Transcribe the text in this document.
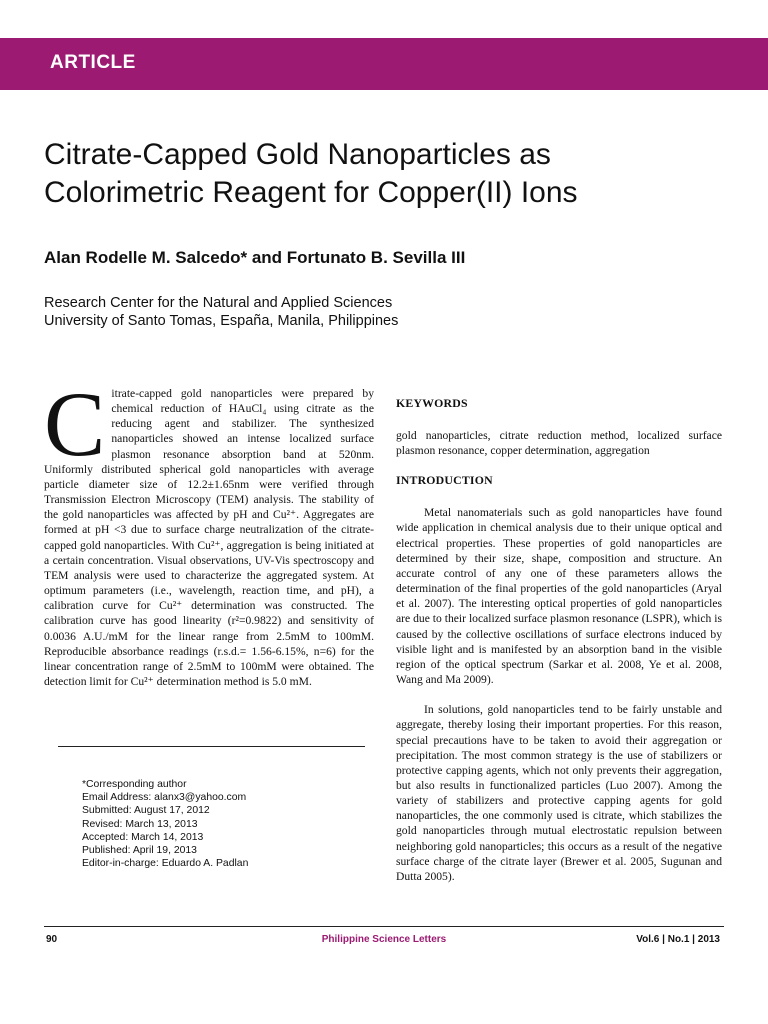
ARTICLE
Citrate-Capped Gold Nanoparticles as
Colorimetric Reagent for Copper(II) Ions
Alan Rodelle M. Salcedo* and Fortunato B. Sevilla III
Research Center for the Natural and Applied Sciences
University of Santo Tomas, España, Manila, Philippines
Citrate-capped gold nanoparticles were prepared by chemical reduction of HAuCl₄ using citrate as the reducing agent and stabilizer. The synthesized nanoparticles showed an intense localized surface plasmon resonance absorption band at 520nm. Uniformly distributed spherical gold nanoparticles with average particle diameter size of 12.2±1.65nm were verified through Transmission Electron Microscopy (TEM) analysis. The stability of the gold nanoparticles was affected by pH and Cu²⁺. Aggregates are formed at pH <3 due to surface charge neutralization of the citrate-capped gold nanoparticles. With Cu²⁺, aggregation is being initiated at a certain concentration. Visual observations, UV-Vis spectroscopy and TEM analysis were used to characterize the aggregated system. At optimum parameters (i.e., wavelength, reaction time, and pH), a calibration curve for Cu²⁺ determination was constructed. The calibration curve has good linearity (r²=0.9822) and sensitivity of 0.0036 A.U./mM for the linear range from 2.5mM to 100mM. Reproducible absorbance readings (r.s.d.= 1.56-6.15%, n=6) for the linear concentration range of 2.5mM to 100mM were obtained. The detection limit for Cu²⁺ determination method is 5.0 mM.
*Corresponding author
Email Address: alanx3@yahoo.com
Submitted: August 17, 2012
Revised: March 13, 2013
Accepted: March 14, 2013
Published: April 19, 2013
Editor-in-charge: Eduardo A. Padlan
KEYWORDS

gold nanoparticles, citrate reduction method, localized surface plasmon resonance, copper determination, aggregation

INTRODUCTION

Metal nanomaterials such as gold nanoparticles have found wide application in chemical analysis due to their unique optical and electrical properties. These properties of gold nanoparticles are determined by their size, shape, composition and structure. An accurate control of any one of these parameters allows the determination of the final properties of the gold nanoparticles (Aryal et al. 2007). The interesting optical properties of gold nanoparticles are due to their localized surface plasmon resonance (LSPR), which is caused by the collective oscillations of surface electrons induced by visible light and is manifested by an absorption band in the visible region of the optical spectrum (Sarkar et al. 2008, Ye et al. 2008, Wang and Ma 2009).

In solutions, gold nanoparticles tend to be fairly unstable and aggregate, thereby losing their important properties. For this reason, special precautions have to be taken to avoid their aggregation or precipitation. The most common strategy is the use of stabilizers or protective capping agents, which not only prevents their aggregation, but also results in functionalized particles (Luo 2007). Among the variety of stabilizers and protective capping agents for gold nanoparticles, the one commonly used is citrate, which stabilizes the gold nanoparticles through mutual electrostatic repulsion between neighboring gold nanoparticles; this occurs as a result of the negative surface charge of the citrate layer (Brewer et al. 2005, Sugunan and Dutta 2005).

90	Philippine Science Letters	Vol.6 | No.1 | 2013
